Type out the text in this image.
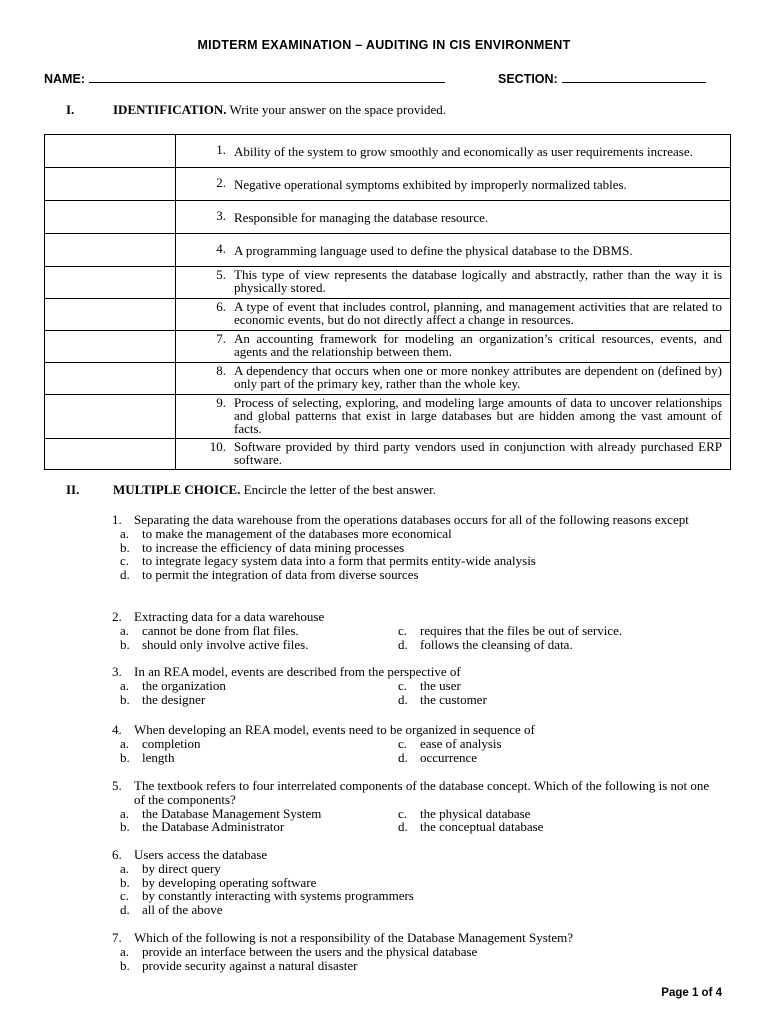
MIDTERM EXAMINATION – AUDITING IN CIS ENVIRONMENT
NAME:	SECTION:
I.	IDENTIFICATION. Write your answer on the space provided.

	1. Ability of the system to grow smoothly and economically as user requirements increase.

	2. Negative operational symptoms exhibited by improperly normalized tables.

	3. Responsible for managing the database resource.

	4. A programming language used to define the physical database to the DBMS.

	5. This type of view represents the database logically and abstractly, rather than the way it is physically stored.

	6. A type of event that includes control, planning, and management activities that are related to economic events, but do not directly affect a change in resources.

	7. An accounting framework for modeling an organization’s critical resources, events, and agents and the relationship between them.

	8. A dependency that occurs when one or more nonkey attributes are dependent on (defined by) only part of the primary key, rather than the whole key.

	9. Process of selecting, exploring, and modeling large amounts of data to uncover relationships and global patterns that exist in large databases but are hidden among the vast amount of facts.

	10. Software provided by third party vendors used in conjunction with already purchased ERP software.
II.	MULTIPLE CHOICE. Encircle the letter of the best answer.
1. Separating the data warehouse from the operations databases occurs for all of the following reasons except
a. to make the management of the databases more economical
b. to increase the efficiency of data mining processes
c. to integrate legacy system data into a form that permits entity-wide analysis
d. to permit the integration of data from diverse sources
2. Extracting data for a data warehouse
a. cannot be done from flat files.	c. requires that the files be out of service.
b. should only involve active files.	d. follows the cleansing of data.
3. In an REA model, events are described from the perspective of
a. the organization	c. the user
b. the designer	d. the customer
4. When developing an REA model, events need to be organized in sequence of
a. completion	c. ease of analysis
b. length	d. occurrence
5. The textbook refers to four interrelated components of the database concept. Which of the following is not one of the components?
a. the Database Management System	c. the physical database
b. the Database Administrator	d. the conceptual database
6. Users access the database
a. by direct query
b. by developing operating software
c. by constantly interacting with systems programmers
d. all of the above
7. Which of the following is not a responsibility of the Database Management System?
a. provide an interface between the users and the physical database
b. provide security against a natural disaster
Page 1 of 4
